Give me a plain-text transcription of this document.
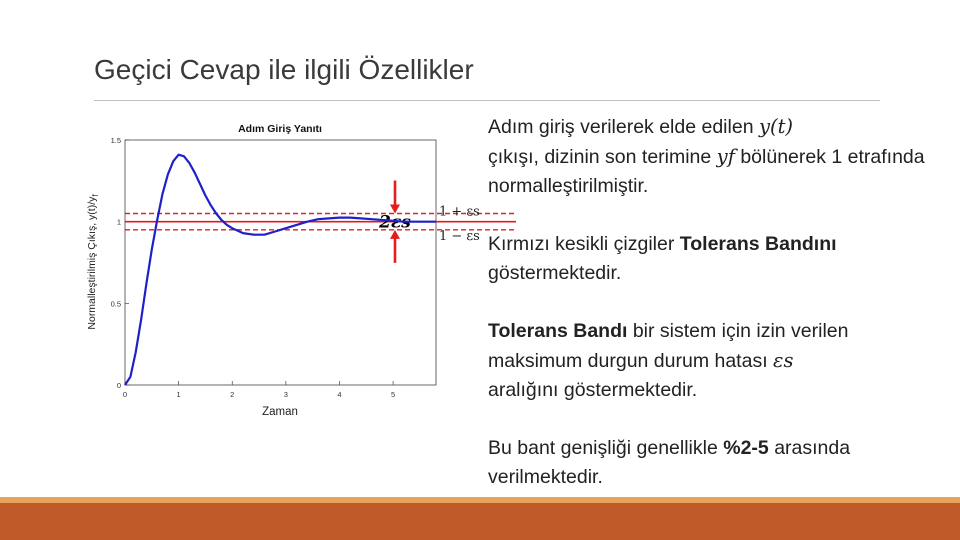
Geçici Cevap ile ilgili Özellikler
Adım Giriş Yanıtı
0	1	2	3	4	5
0
0.5
1
1.5
2εs
1 + εs
1 − εs
Zaman
Normalleştirilmiş Çıkış, $y(t)/y_f$

Adım giriş verilerek elde edilen y(t)
çıkışı, dizinin son terimine yf bölünerek 1 etrafında normalleştirilmiştir.

Kırmızı kesikli çizgiler Tolerans Bandını
göstermektedir.

Tolerans Bandı bir sistem için izin verilen maksimum durgun durum hatası εs
aralığını göstermektedir.

Bu bant genişliği genellikle %2-5 arasında verilmektedir.
